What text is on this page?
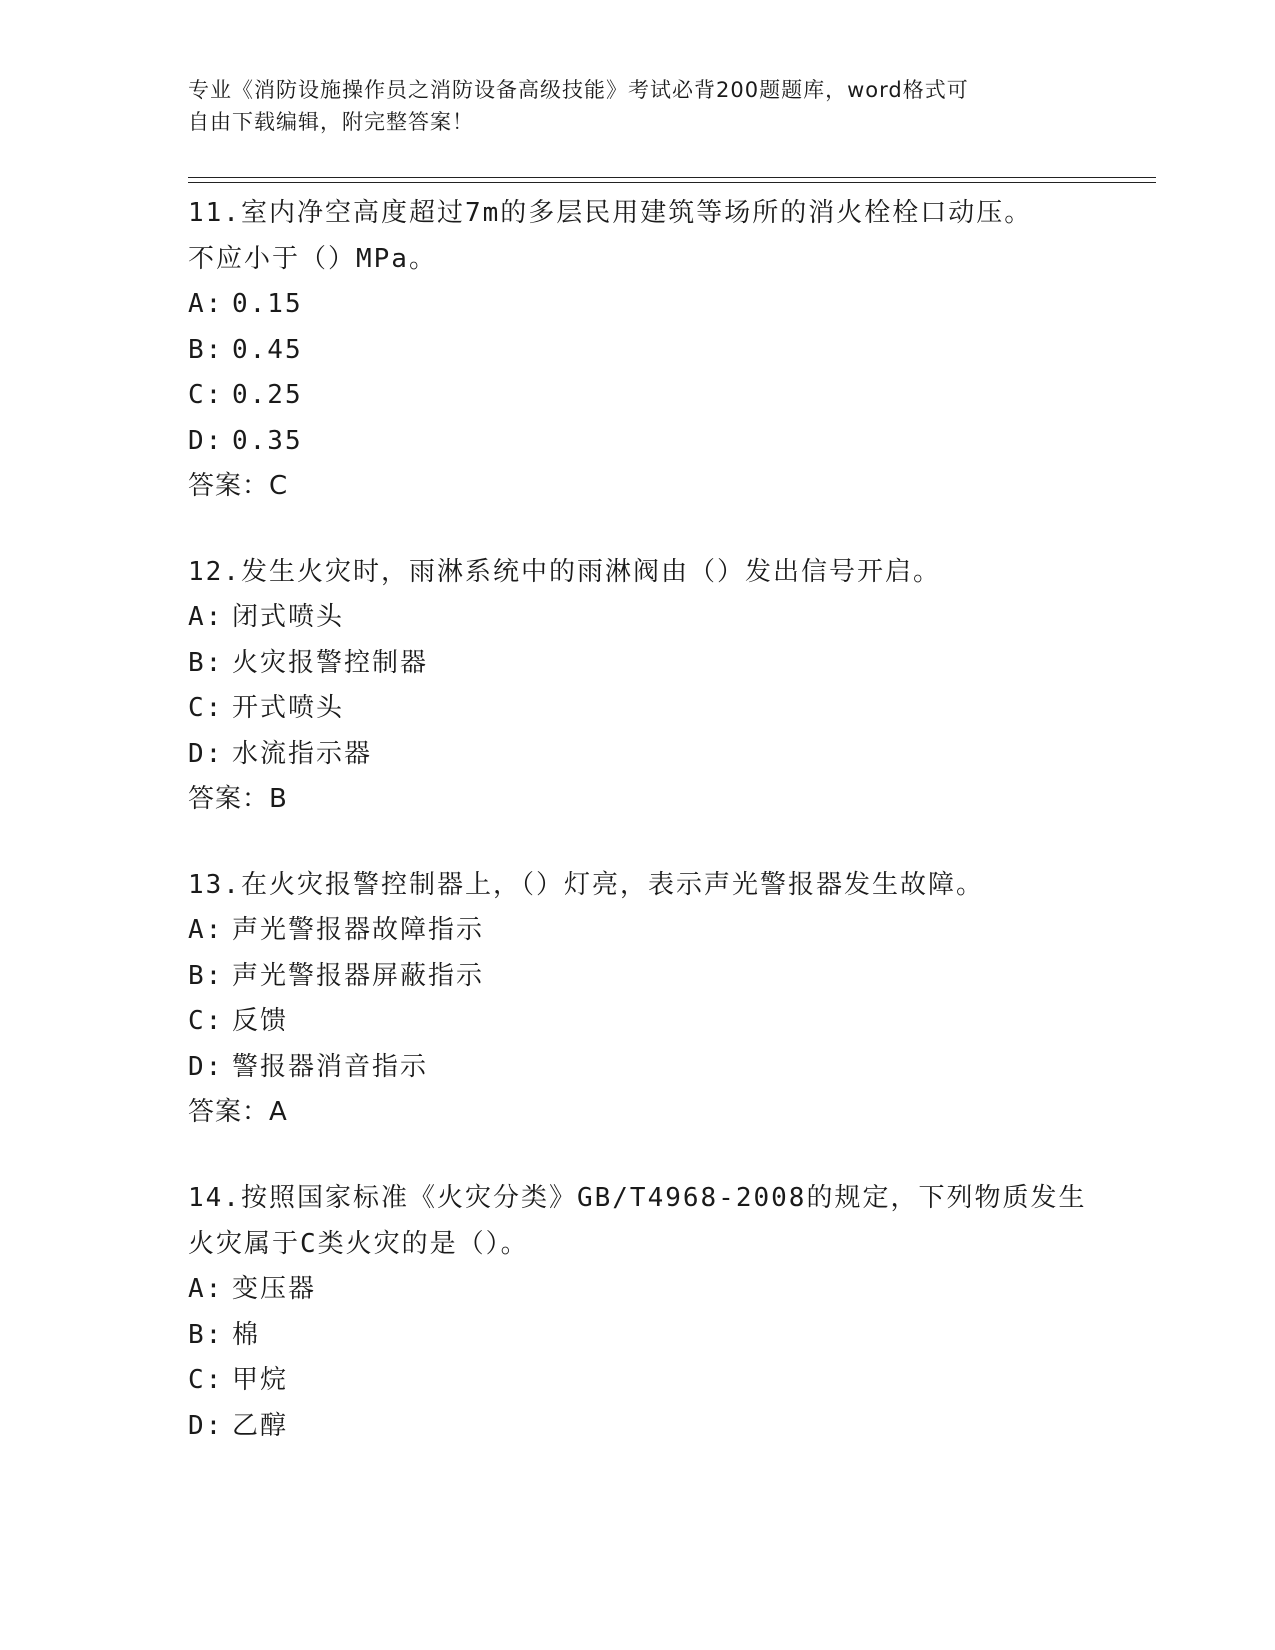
专业《消防设施操作员之消防设备高级技能》考试必背200题题库，word格式可

自由下载编辑，附完整答案！

11.室内净空高度超过7m的多层民用建筑等场所的消火栓栓口动压。

不应小于（）MPa。

A: 0.15

B: 0.45

C: 0.25

D: 0.35

答案：C

12.发生火灾时，雨淋系统中的雨淋阀由（）发出信号开启。

A: 闭式喷头

B: 火灾报警控制器

C: 开式喷头

D: 水流指示器

答案：B

13.在火灾报警控制器上，（）灯亮，表示声光警报器发生故障。

A: 声光警报器故障指示

B: 声光警报器屏蔽指示

C: 反馈

D: 警报器消音指示

答案：A

14.按照国家标准《火灾分类》GB/T4968-2008的规定，下列物质发生

火灾属于C类火灾的是（）。

A: 变压器

B: 棉

C: 甲烷

D: 乙醇
